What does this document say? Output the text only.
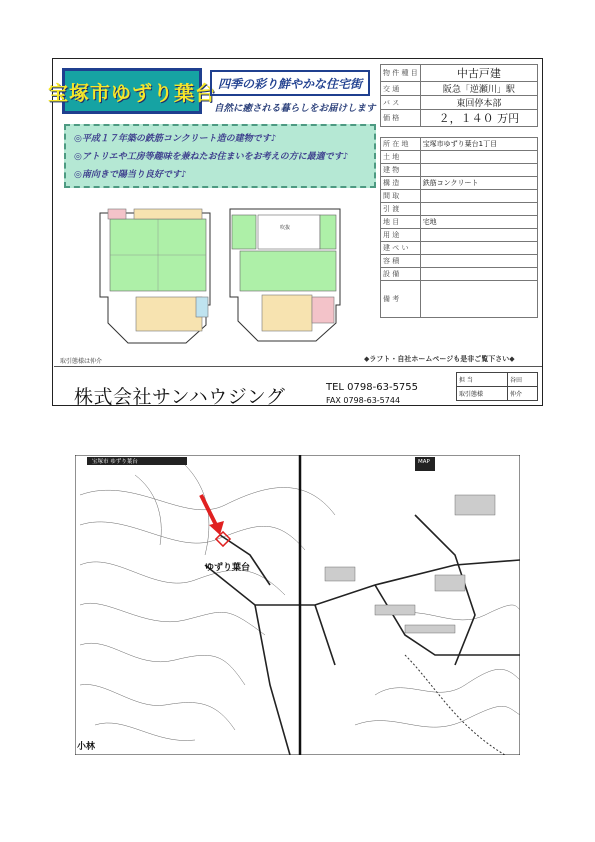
宝塚市ゆずり葉台 四季の彩り鮮やかな住宅街
自然に癒される暮らしをお届けします
◎平成１７年築の鉄筋コンクリート造の建物です♪
◎アトリエや工房等趣味を兼ねたお住まいをお考えの方に最適です♪
◎南向きで陽当り良好です♪
吹抜
物 件 種 目	中古戸建
交 通	阪急「逆瀬川」駅
バ ス	東回停本部
価 格	２，１４０ 万円

所 在 地	宝塚市ゆずり葉台1丁目
土 地	
建 物	
構 造	鉄筋コンクリート
間 取	
引 渡	
地 目	宅地
用 途	
建 ぺ い	
容 積	
設 備	
備 考	
取引態様は仲介	◆ラフト・自社ホームページも是非ご覧下さい◆
株式会社サンハウジング	TEL 0798-63-5755
FAX 0798-63-5744
担 当	谷田
取引態様	仲介
宝塚市 ゆずり葉台	MAP
ゆずり葉台
小林
